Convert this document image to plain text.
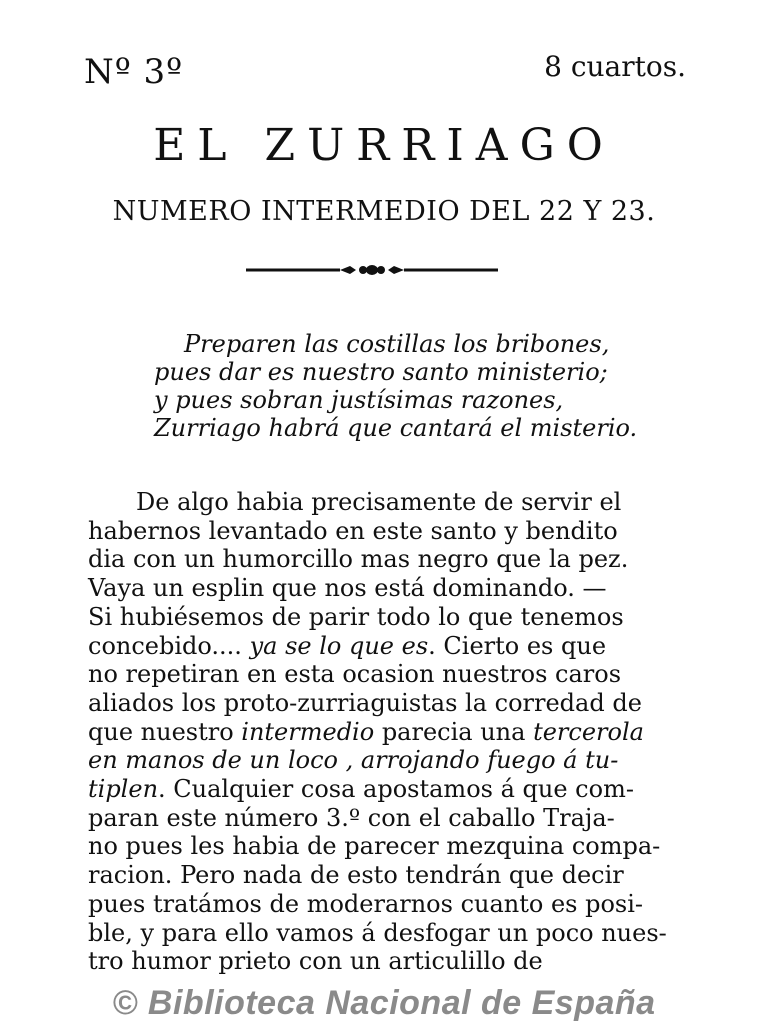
Nº 3º	8 cuartos.
EL ZURRIAGO
NUMERO INTERMEDIO DEL 22 Y 23.
Preparen las costillas los bribones,
pues dar es nuestro santo ministerio;
y pues sobran justísimas razones,
Zurriago habrá que cantará el misterio.
De algo habia precisamente de servir el
habernos levantado en este santo y bendito
dia con un humorcillo mas negro que la pez.
Vaya un esplin que nos está dominando. —
Si hubiésemos de parir todo lo que tenemos
concebido.... ya se lo que es . Cierto es que
no repetiran en esta ocasion nuestros caros
aliados los proto-zurriaguistas la corredad de
que nuestro intermedio parecia una tercerola
en manos de un loco , arrojando fuego á tu-
tiplen . Cualquier cosa apostamos á que com-
paran este número 3.º con el caballo Traja-
no pues les habia de parecer mezquina compa-
racion. Pero nada de esto tendrán que decir
pues tratámos de moderarnos cuanto es posi-
ble, y para ello vamos á desfogar un poco nues-
tro humor prieto con un articulillo de
© Biblioteca Nacional de España
